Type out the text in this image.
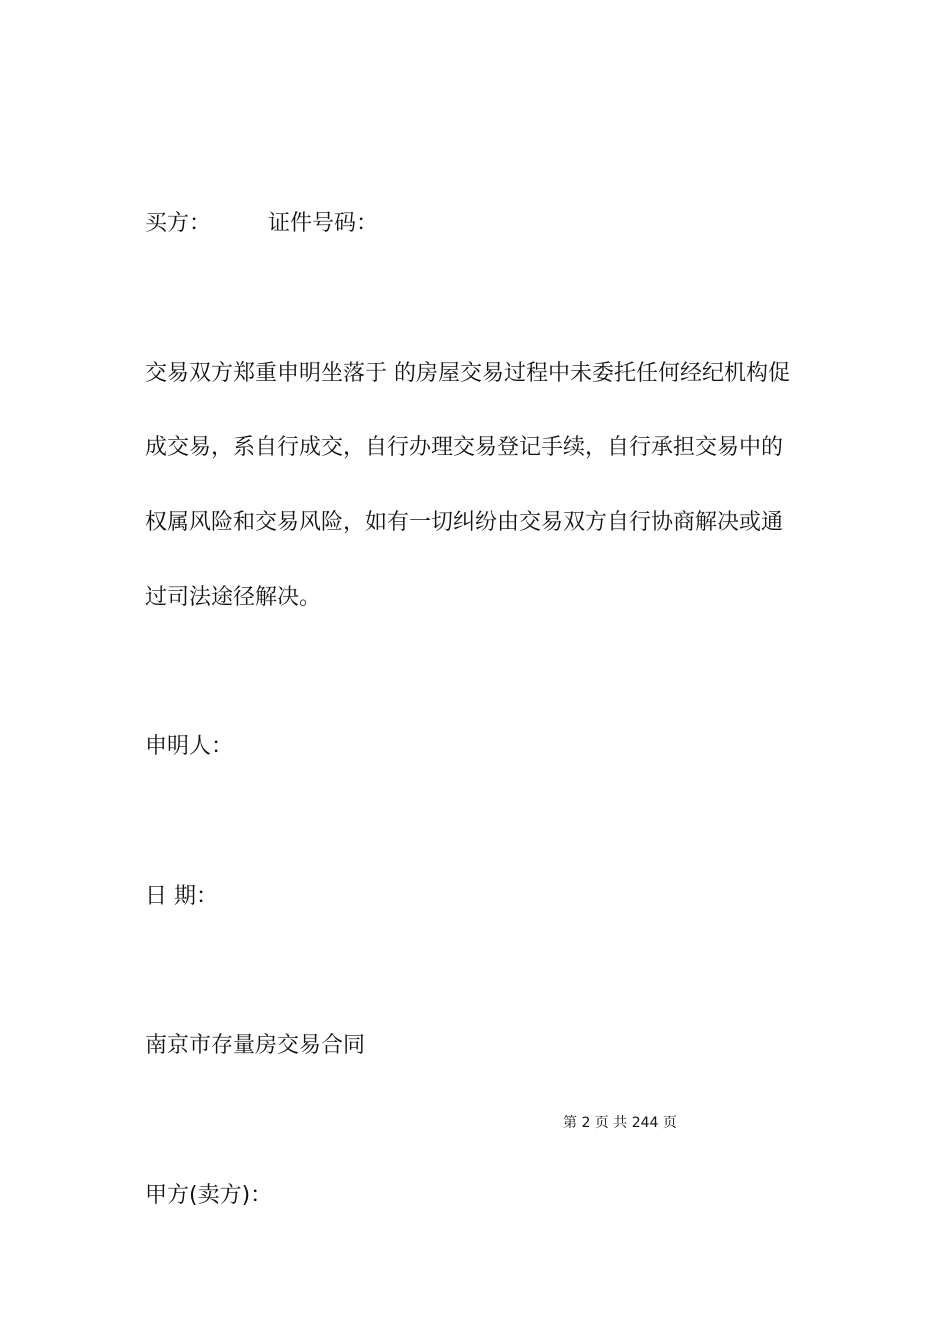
买方：	证件号码：
交易双方郑重申明坐落于 的房屋交易过程中未委托任何经纪机构促
成交易，系自行成交，自行办理交易登记手续，自行承担交易中的
权属风险和交易风险，如有一切纠纷由交易双方自行协商解决或通
过司法途径解决。
申明人：
日 期：
南京市存量房交易合同
第 2 页 共 244 页
甲方(卖方)：
